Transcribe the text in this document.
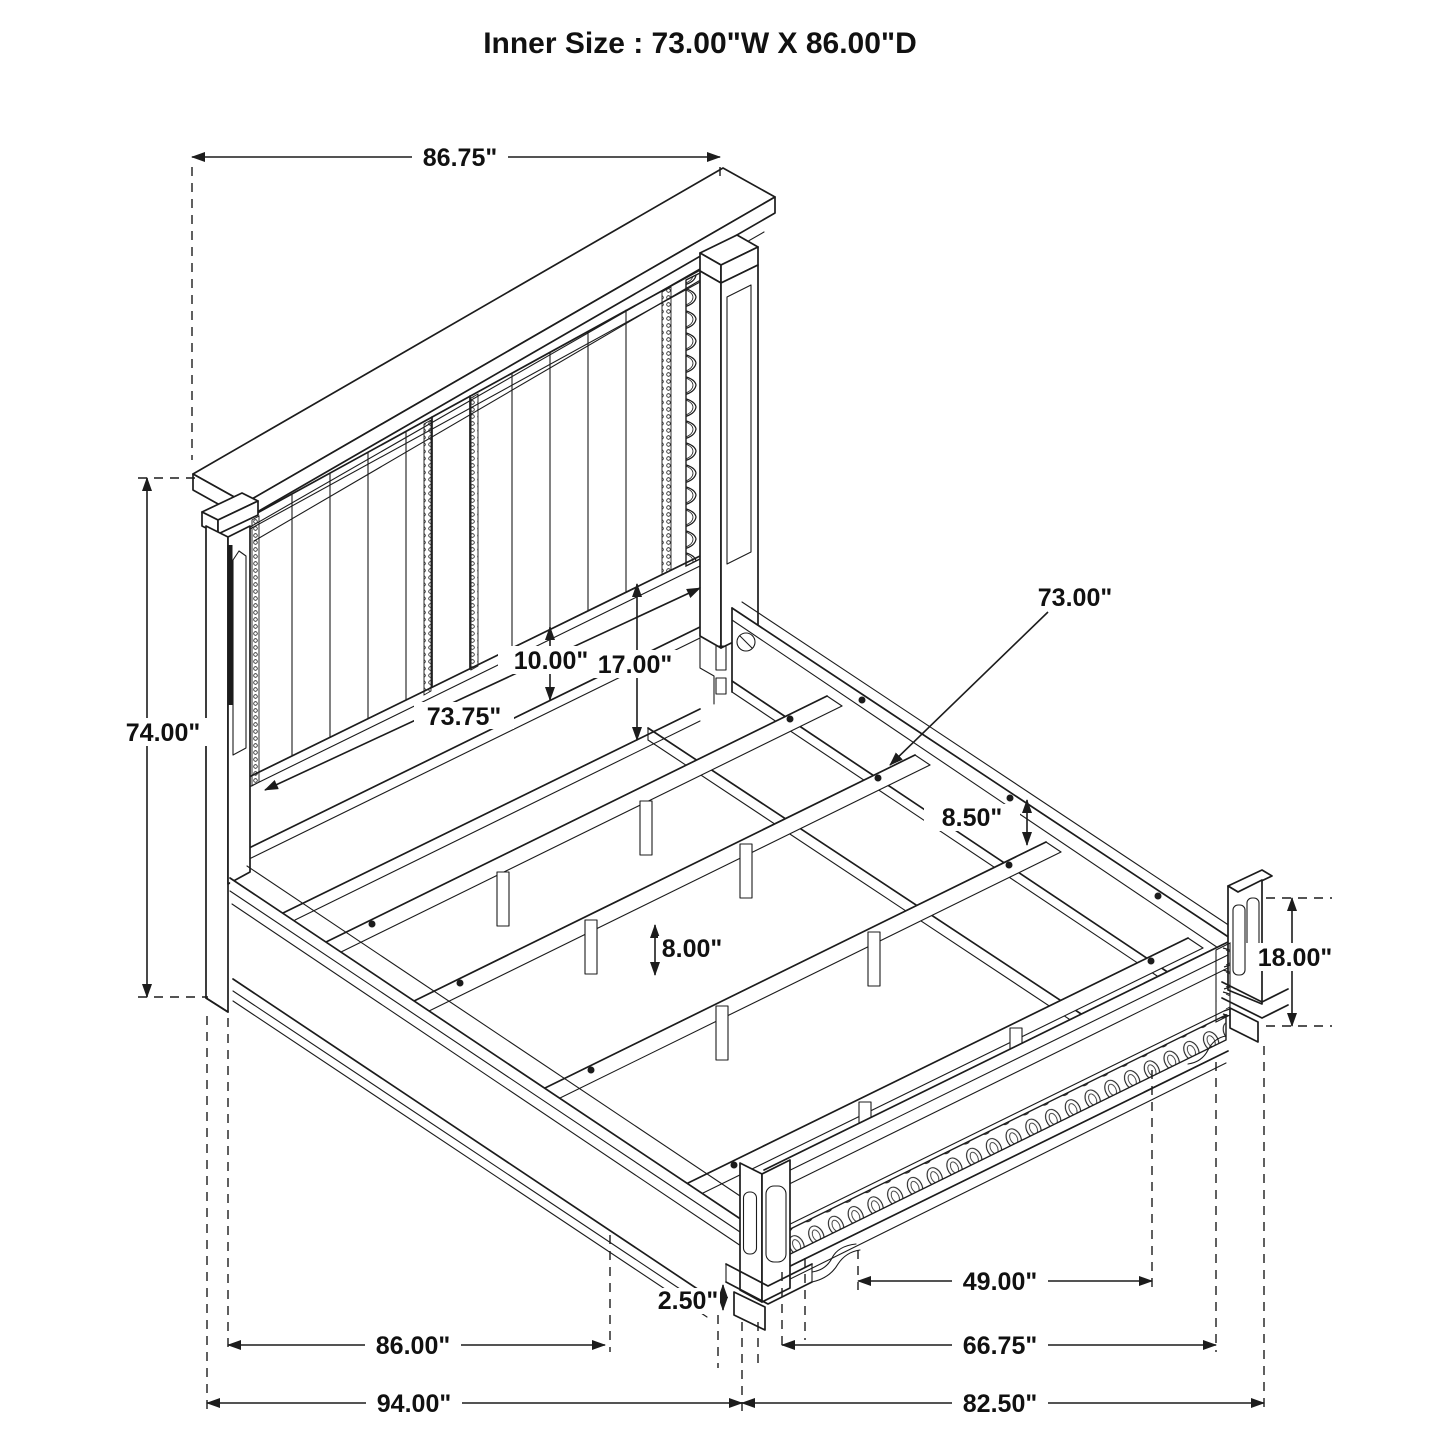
Inner Size : 73.00"W X 86.00"D
86.75"
74.00"
10.00" 17.00"
73.75"
73.00"
8.50"
8.00"	18.00"
2.50"
49.00"
66.75"
82.50"
86.00"
94.00"
